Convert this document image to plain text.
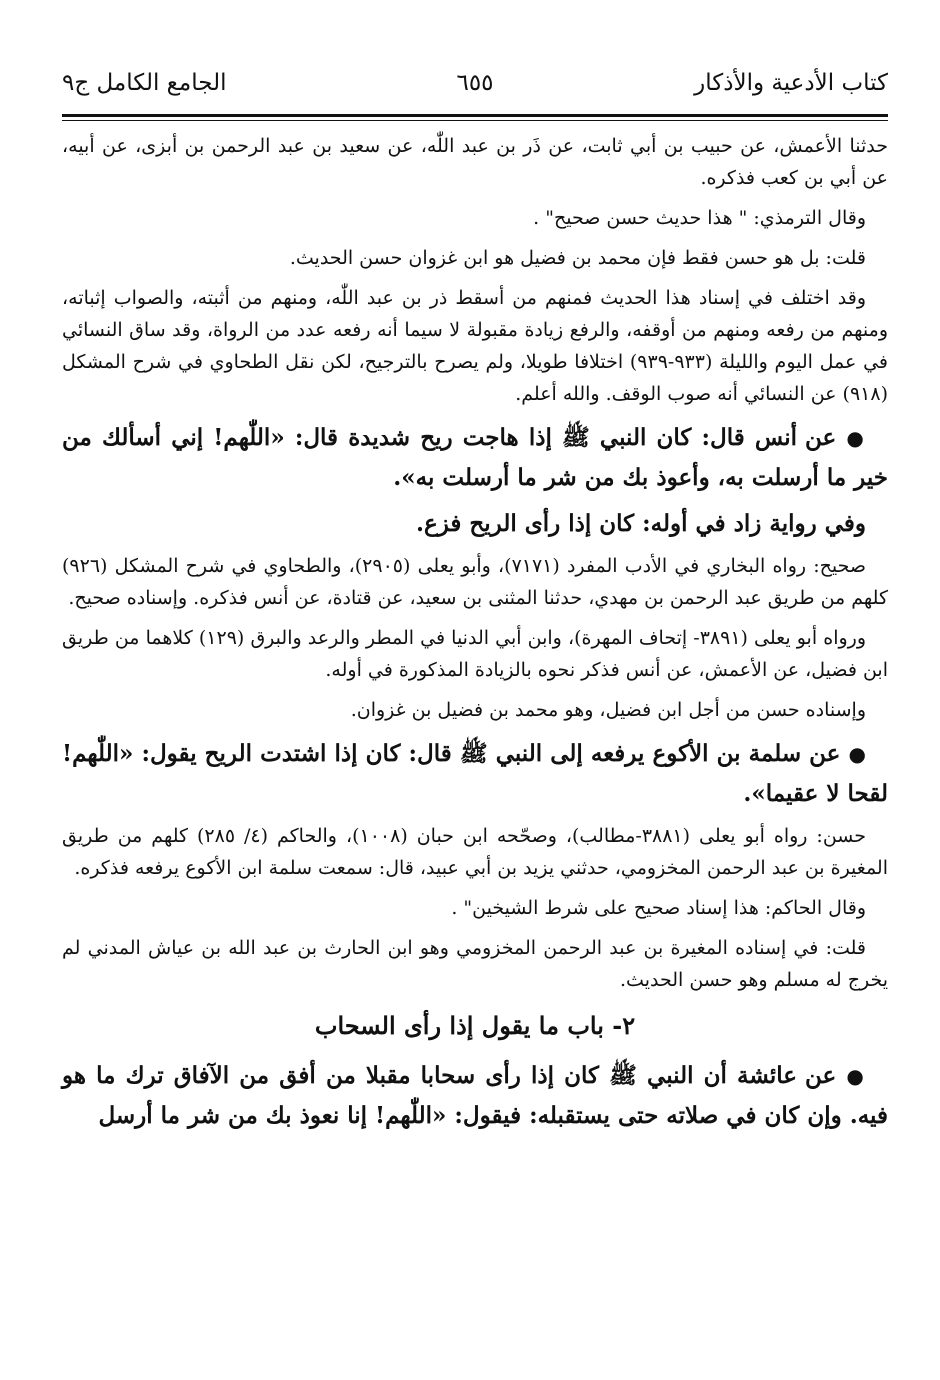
كتاب الأدعية والأذكار
٦٥٥
الجامع الكامل ج٩

حدثنا الأعمش، عن حبيب بن أبي ثابت، عن ذَر بن عبد اللّٰه، عن سعيد بن عبد الرحمن بن أبزى، عن أبيه، عن أبي بن كعب فذكره.

وقال الترمذي: " هذا حديث حسن صحيح" .

قلت: بل هو حسن فقط فإن محمد بن فضيل هو ابن غزوان حسن الحديث.

وقد اختلف في إسناد هذا الحديث فمنهم من أسقط ذر بن عبد اللّٰه، ومنهم من أثبته، والصواب إثباته، ومنهم من رفعه ومنهم من أوقفه، والرفع زيادة مقبولة لا سيما أنه رفعه عدد من الرواة، وقد ساق النسائي في عمل اليوم والليلة (٩٣٣-٩٣٩) اختلافا طويلا، ولم يصرح بالترجيح، لكن نقل الطحاوي في شرح المشكل (٩١٨) عن النسائي أنه صوب الوقف. والله أعلم.

● عن أنس قال: كان النبي ﷺ إذا هاجت ريح شديدة قال: «اللّٰهم! إني أسألك من خير ما أرسلت به، وأعوذ بك من شر ما أرسلت به».

وفي رواية زاد في أوله: كان إذا رأى الريح فزع.

صحيح: رواه البخاري في الأدب المفرد (٧١٧١)، وأبو يعلى (٢٩٠٥)، والطحاوي في شرح المشكل (٩٢٦) كلهم من طريق عبد الرحمن بن مهدي، حدثنا المثنى بن سعيد، عن قتادة، عن أنس فذكره. وإسناده صحيح.

ورواه أبو يعلى (٣٨٩١- إتحاف المهرة)، وابن أبي الدنيا في المطر والرعد والبرق (١٢٩) كلاهما من طريق ابن فضيل، عن الأعمش، عن أنس فذكر نحوه بالزيادة المذكورة في أوله.

وإسناده حسن من أجل ابن فضيل، وهو محمد بن فضيل بن غزوان.

● عن سلمة بن الأكوع يرفعه إلى النبي ﷺ قال: كان إذا اشتدت الريح يقول: «اللّٰهم! لقحا لا عقيما».

حسن: رواه أبو يعلى (٣٨٨١-مطالب)، وصحّحه ابن حبان (١٠٠٨)، والحاكم (٤/ ٢٨٥) كلهم من طريق المغيرة بن عبد الرحمن المخزومي، حدثني يزيد بن أبي عبيد، قال: سمعت سلمة ابن الأكوع يرفعه فذكره.

وقال الحاكم: هذا إسناد صحيح على شرط الشيخين" .

قلت: في إسناده المغيرة بن عبد الرحمن المخزومي وهو ابن الحارث بن عبد الله بن عياش المدني لم يخرج له مسلم وهو حسن الحديث.

٢- باب ما يقول إذا رأى السحاب

● عن عائشة أن النبي ﷺ كان إذا رأى سحابا مقبلا من أفق من الآفاق ترك ما هو فيه. وإن كان في صلاته حتى يستقبله: فيقول: «اللّٰهم! إنا نعوذ بك من شر ما أرسل
